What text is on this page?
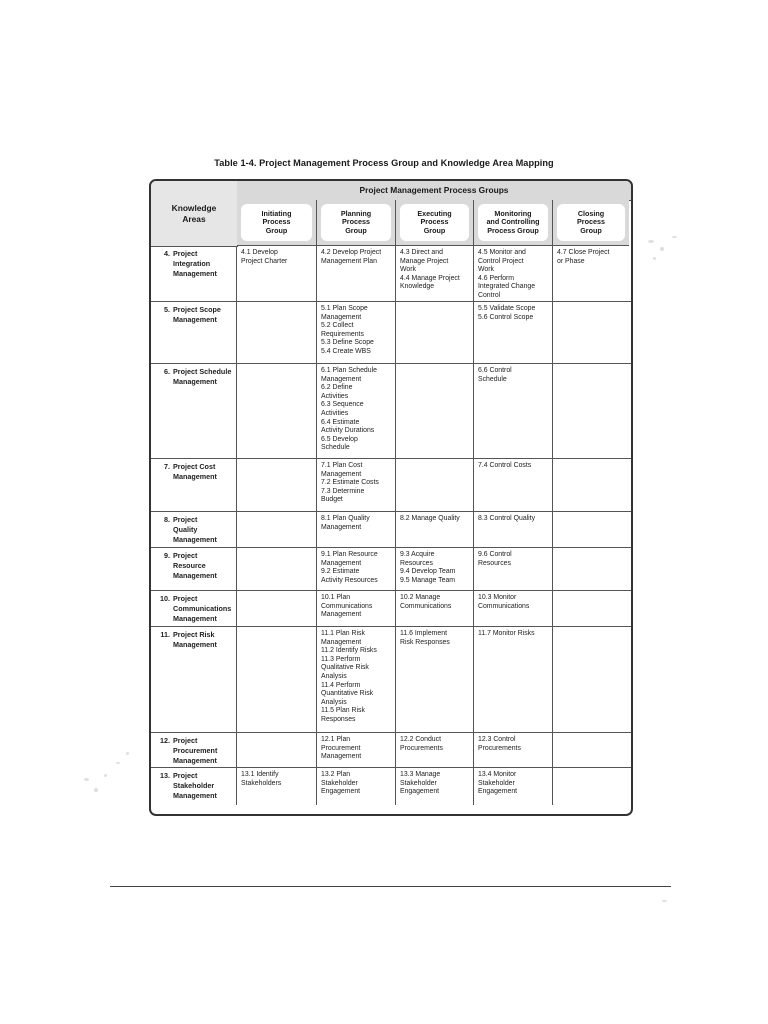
Table 1-4. Project Management Process Group and Knowledge Area Mapping
Knowledge
Areas
Project Management Process Groups
Initiating
Process
Group
Planning
Process
Group
Executing
Process
Group
Monitoring
and Controlling
Process Group
Closing
Process
Group
4. Project
Integration
Management
4.1 Develop
Project Charter
4.2 Develop Project
Management Plan
4.3 Direct and
Manage Project
Work
4.4 Manage Project
Knowledge
4.5 Monitor and
Control Project
Work
4.6 Perform
Integrated Change
Control
4.7 Close Project
or Phase
5. Project Scope
Management
5.1 Plan Scope
Management
5.2 Collect
Requirements
5.3 Define Scope
5.4 Create WBS
5.5 Validate Scope
5.6 Control Scope
6. Project Schedule
Management
6.1 Plan Schedule
Management
6.2 Define
Activities
6.3 Sequence
Activities
6.4 Estimate
Activity Durations
6.5 Develop
Schedule
6.6 Control
Schedule
7. Project Cost
Management
7.1 Plan Cost
Management
7.2 Estimate Costs
7.3 Determine
Budget
7.4 Control Costs
8. Project
Quality
Management
8.1 Plan Quality
Management
8.2 Manage Quality	8.3 Control Quality
9. Project
Resource
Management
9.1 Plan Resource
Management
9.2 Estimate
Activity Resources
9.3 Acquire
Resources
9.4 Develop Team
9.5 Manage Team
9.6 Control
Resources
10. Project
Communications
Management
10.1 Plan
Communications
Management
10.2 Manage
Communications
10.3 Monitor
Communications
11. Project Risk
Management
11.1 Plan Risk
Management
11.2 Identify Risks
11.3 Perform
Qualitative Risk
Analysis
11.4 Perform
Quantitative Risk
Analysis
11.5 Plan Risk
Responses
11.6 Implement
Risk Responses
11.7 Monitor Risks
12. Project
Procurement
Management
12.1 Plan
Procurement
Management
12.2 Conduct
Procurements
12.3 Control
Procurements
13. Project
Stakeholder
Management
13.1 Identify
Stakeholders
13.2 Plan
Stakeholder
Engagement
13.3 Manage
Stakeholder
Engagement
13.4 Monitor
Stakeholder
Engagement
